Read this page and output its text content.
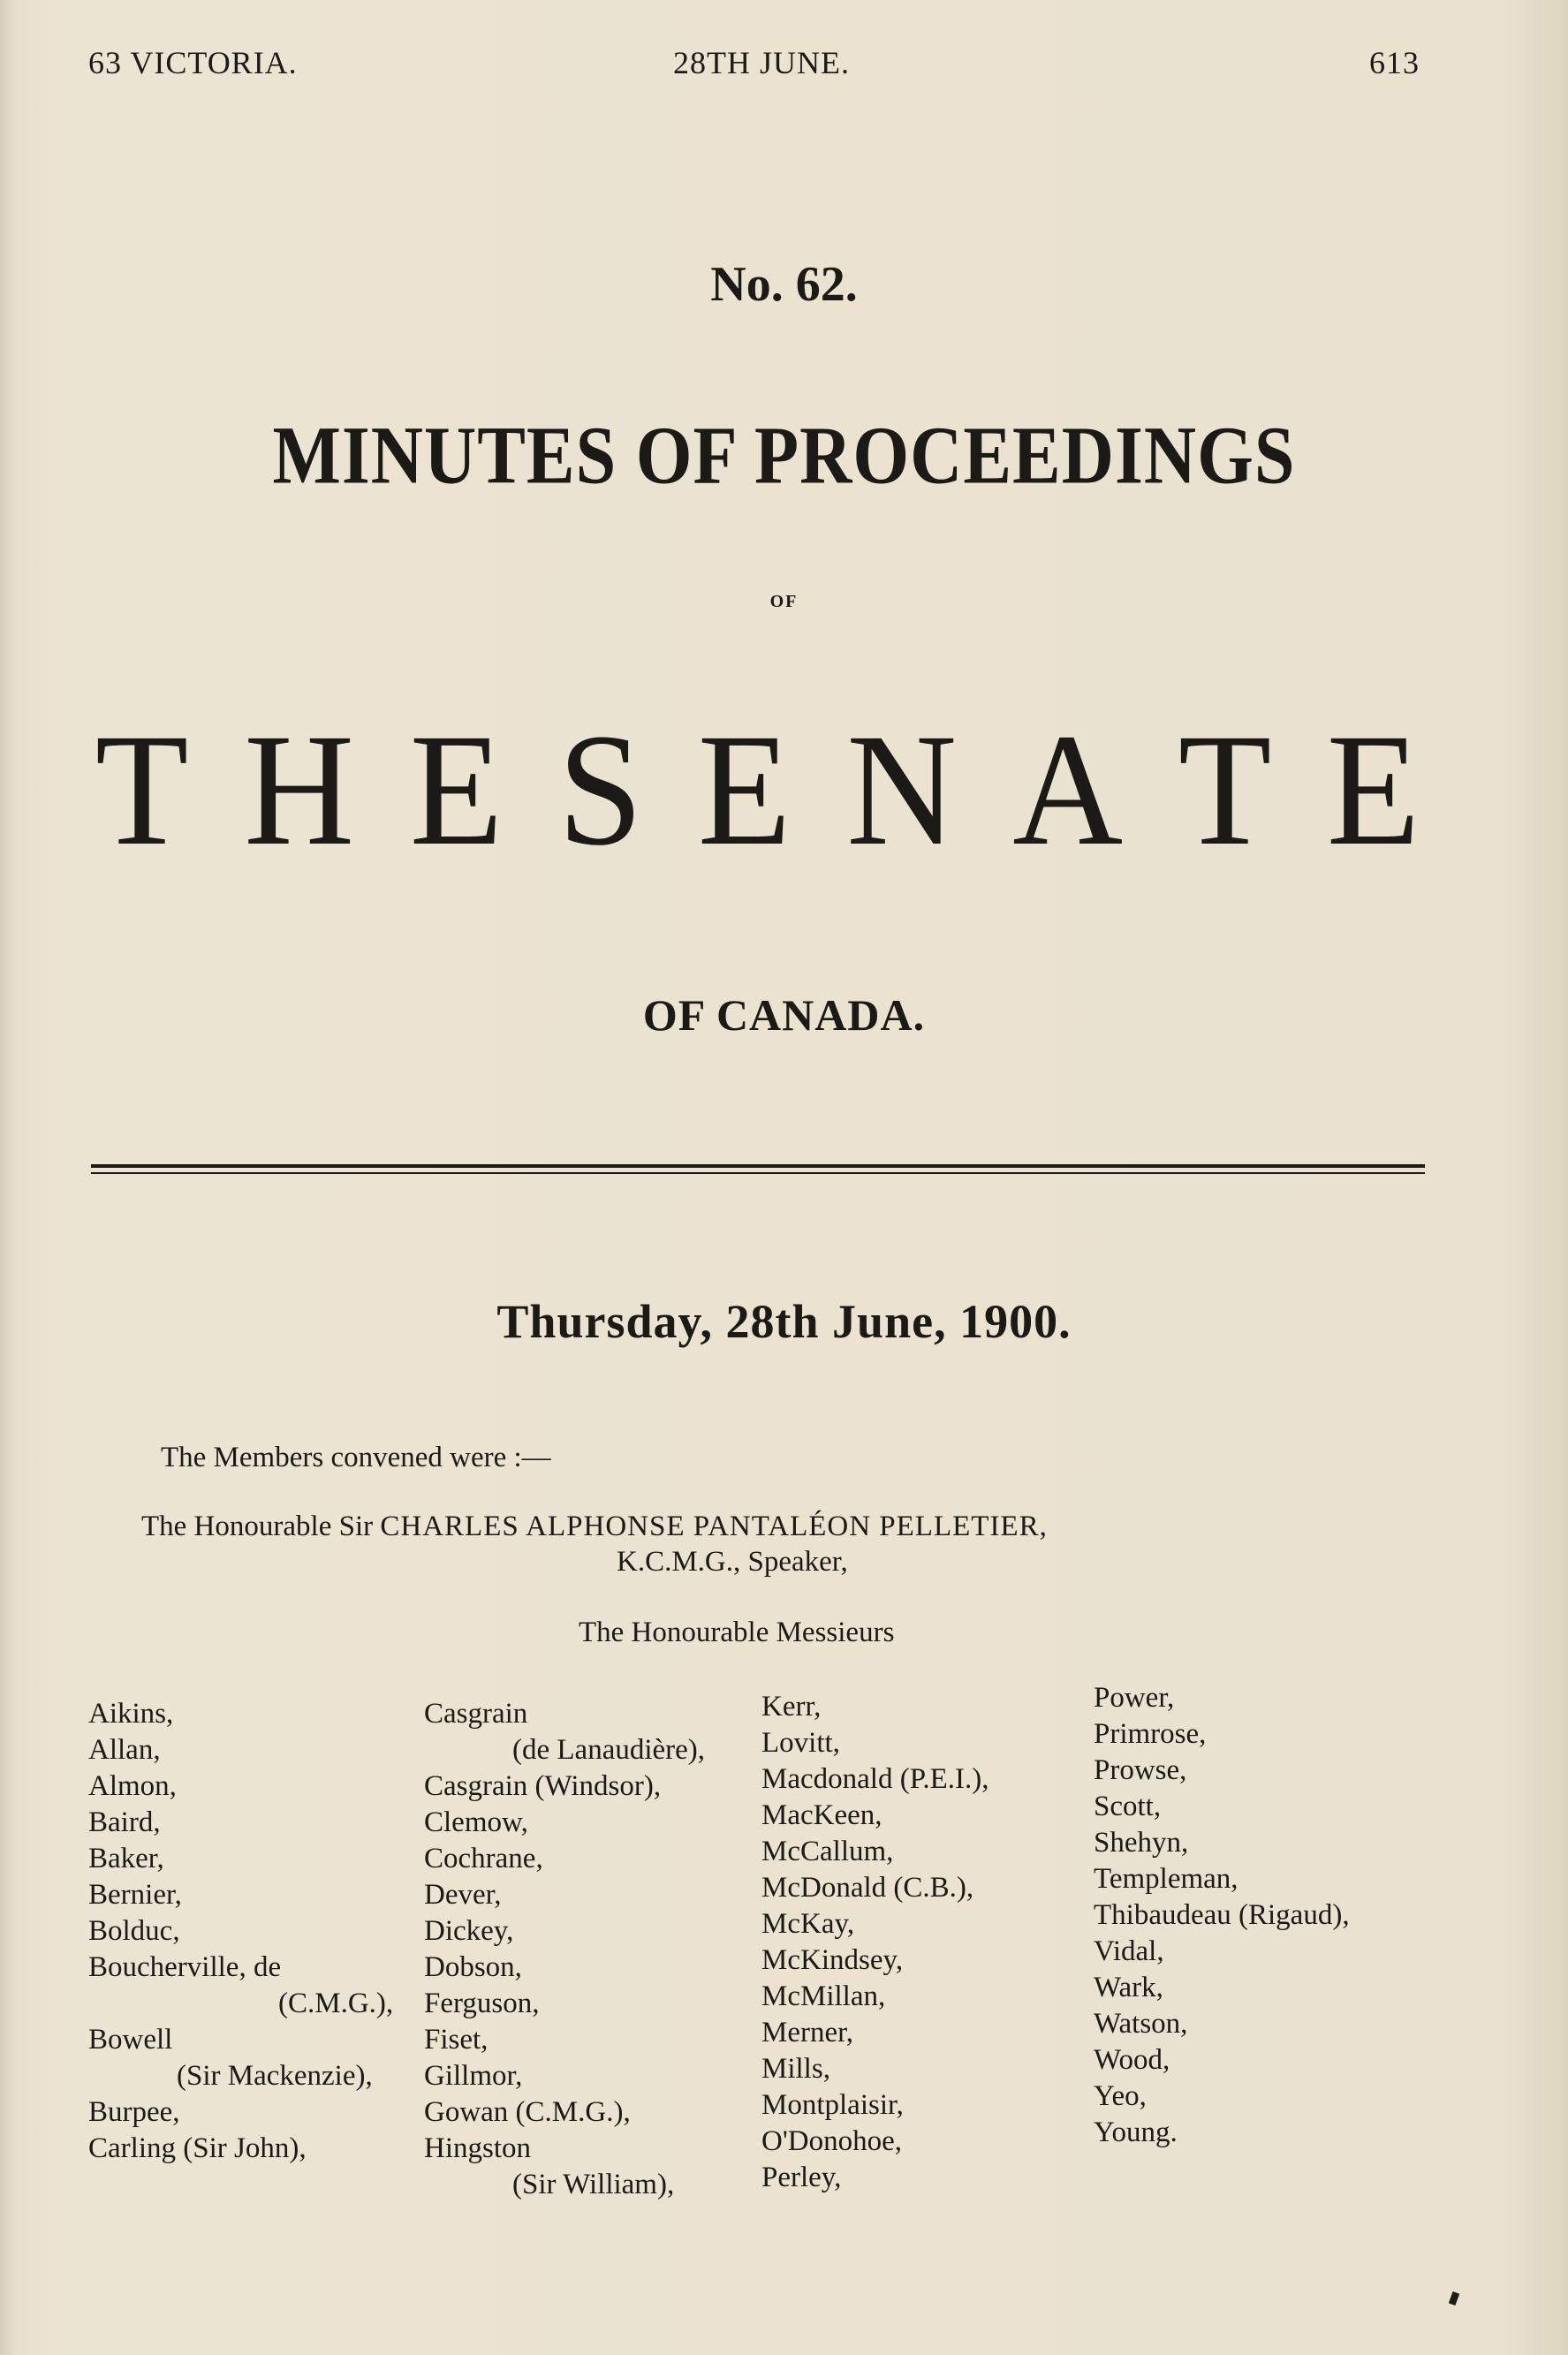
63 VICTORIA.	28TH JUNE.	613
No. 62.
MINUTES OF PROCEEDINGS
OF
T H E S E N A T E
OF CANADA.
Thursday, 28th June, 1900.
The Members convened were :—
The Honourable Sir CHARLES ALPHONSE PANTALÉON PELLETIER,
K.C.M.G., Speaker,
The Honourable Messieurs
Aikins,
Allan,
Almon,
Baird,
Baker,
Bernier,
Bolduc,
Boucherville, de
(C.M.G.),
Bowell
(Sir Mackenzie),
Burpee,
Carling (Sir John),
Casgrain
(de Lanaudière),
Casgrain (Windsor),
Clemow,
Cochrane,
Dever,
Dickey,
Dobson,
Ferguson,
Fiset,
Gillmor,
Gowan (C.M.G.),
Hingston
(Sir William),
Kerr,
Lovitt,
Macdonald (P.E.I.),
MacKeen,
McCallum,
McDonald (C.B.),
McKay,
McKindsey,
McMillan,
Merner,
Mills,
Montplaisir,
O'Donohoe,
Perley,
Power,
Primrose,
Prowse,
Scott,
Shehyn,
Templeman,
Thibaudeau (Rigaud),
Vidal,
Wark,
Watson,
Wood,
Yeo,
Young.
